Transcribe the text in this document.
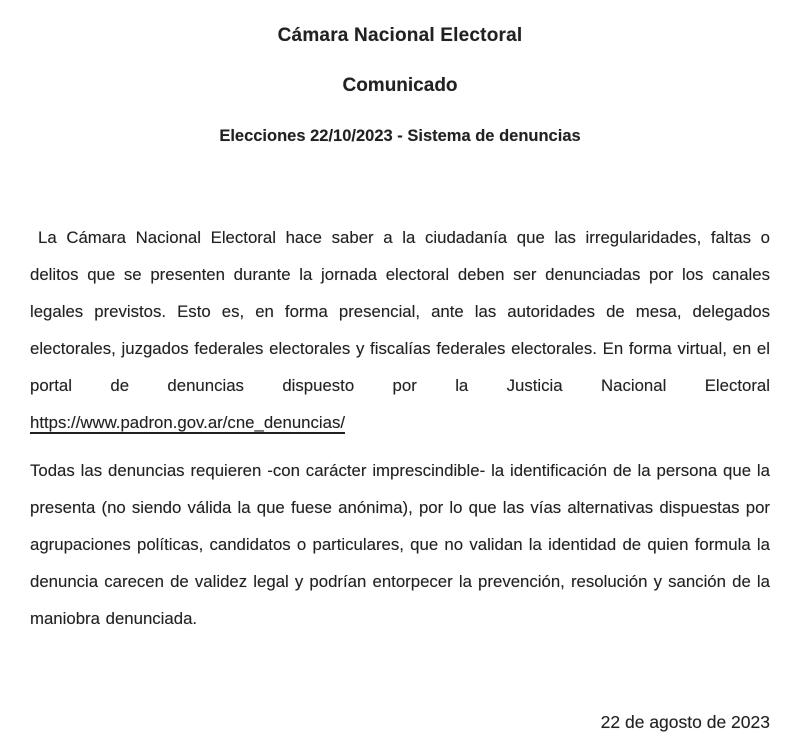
Cámara Nacional Electoral
Comunicado
Elecciones 22/10/2023 - Sistema de denuncias

La Cámara Nacional Electoral hace saber a la ciudadanía que las irregularidades, faltas o delitos que se presenten durante la jornada electoral deben ser denunciadas por los canales legales previstos. Esto es, en forma presencial, ante las autoridades de mesa, delegados electorales, juzgados federales electorales y fiscalías federales electorales. En forma virtual, en el portal de denuncias dispuesto por la Justicia Nacional Electoral https://www.padron.gov.ar/cne_denuncias/

Todas las denuncias requieren -con carácter imprescindible- la identificación de la persona que la presenta (no siendo válida la que fuese anónima), por lo que las vías alternativas dispuestas por agrupaciones políticas, candidatos o particulares, que no validan la identidad de quien formula la denuncia carecen de validez legal y podrían entorpecer la prevención, resolución y sanción de la maniobra denunciada.

22 de agosto de 2023
